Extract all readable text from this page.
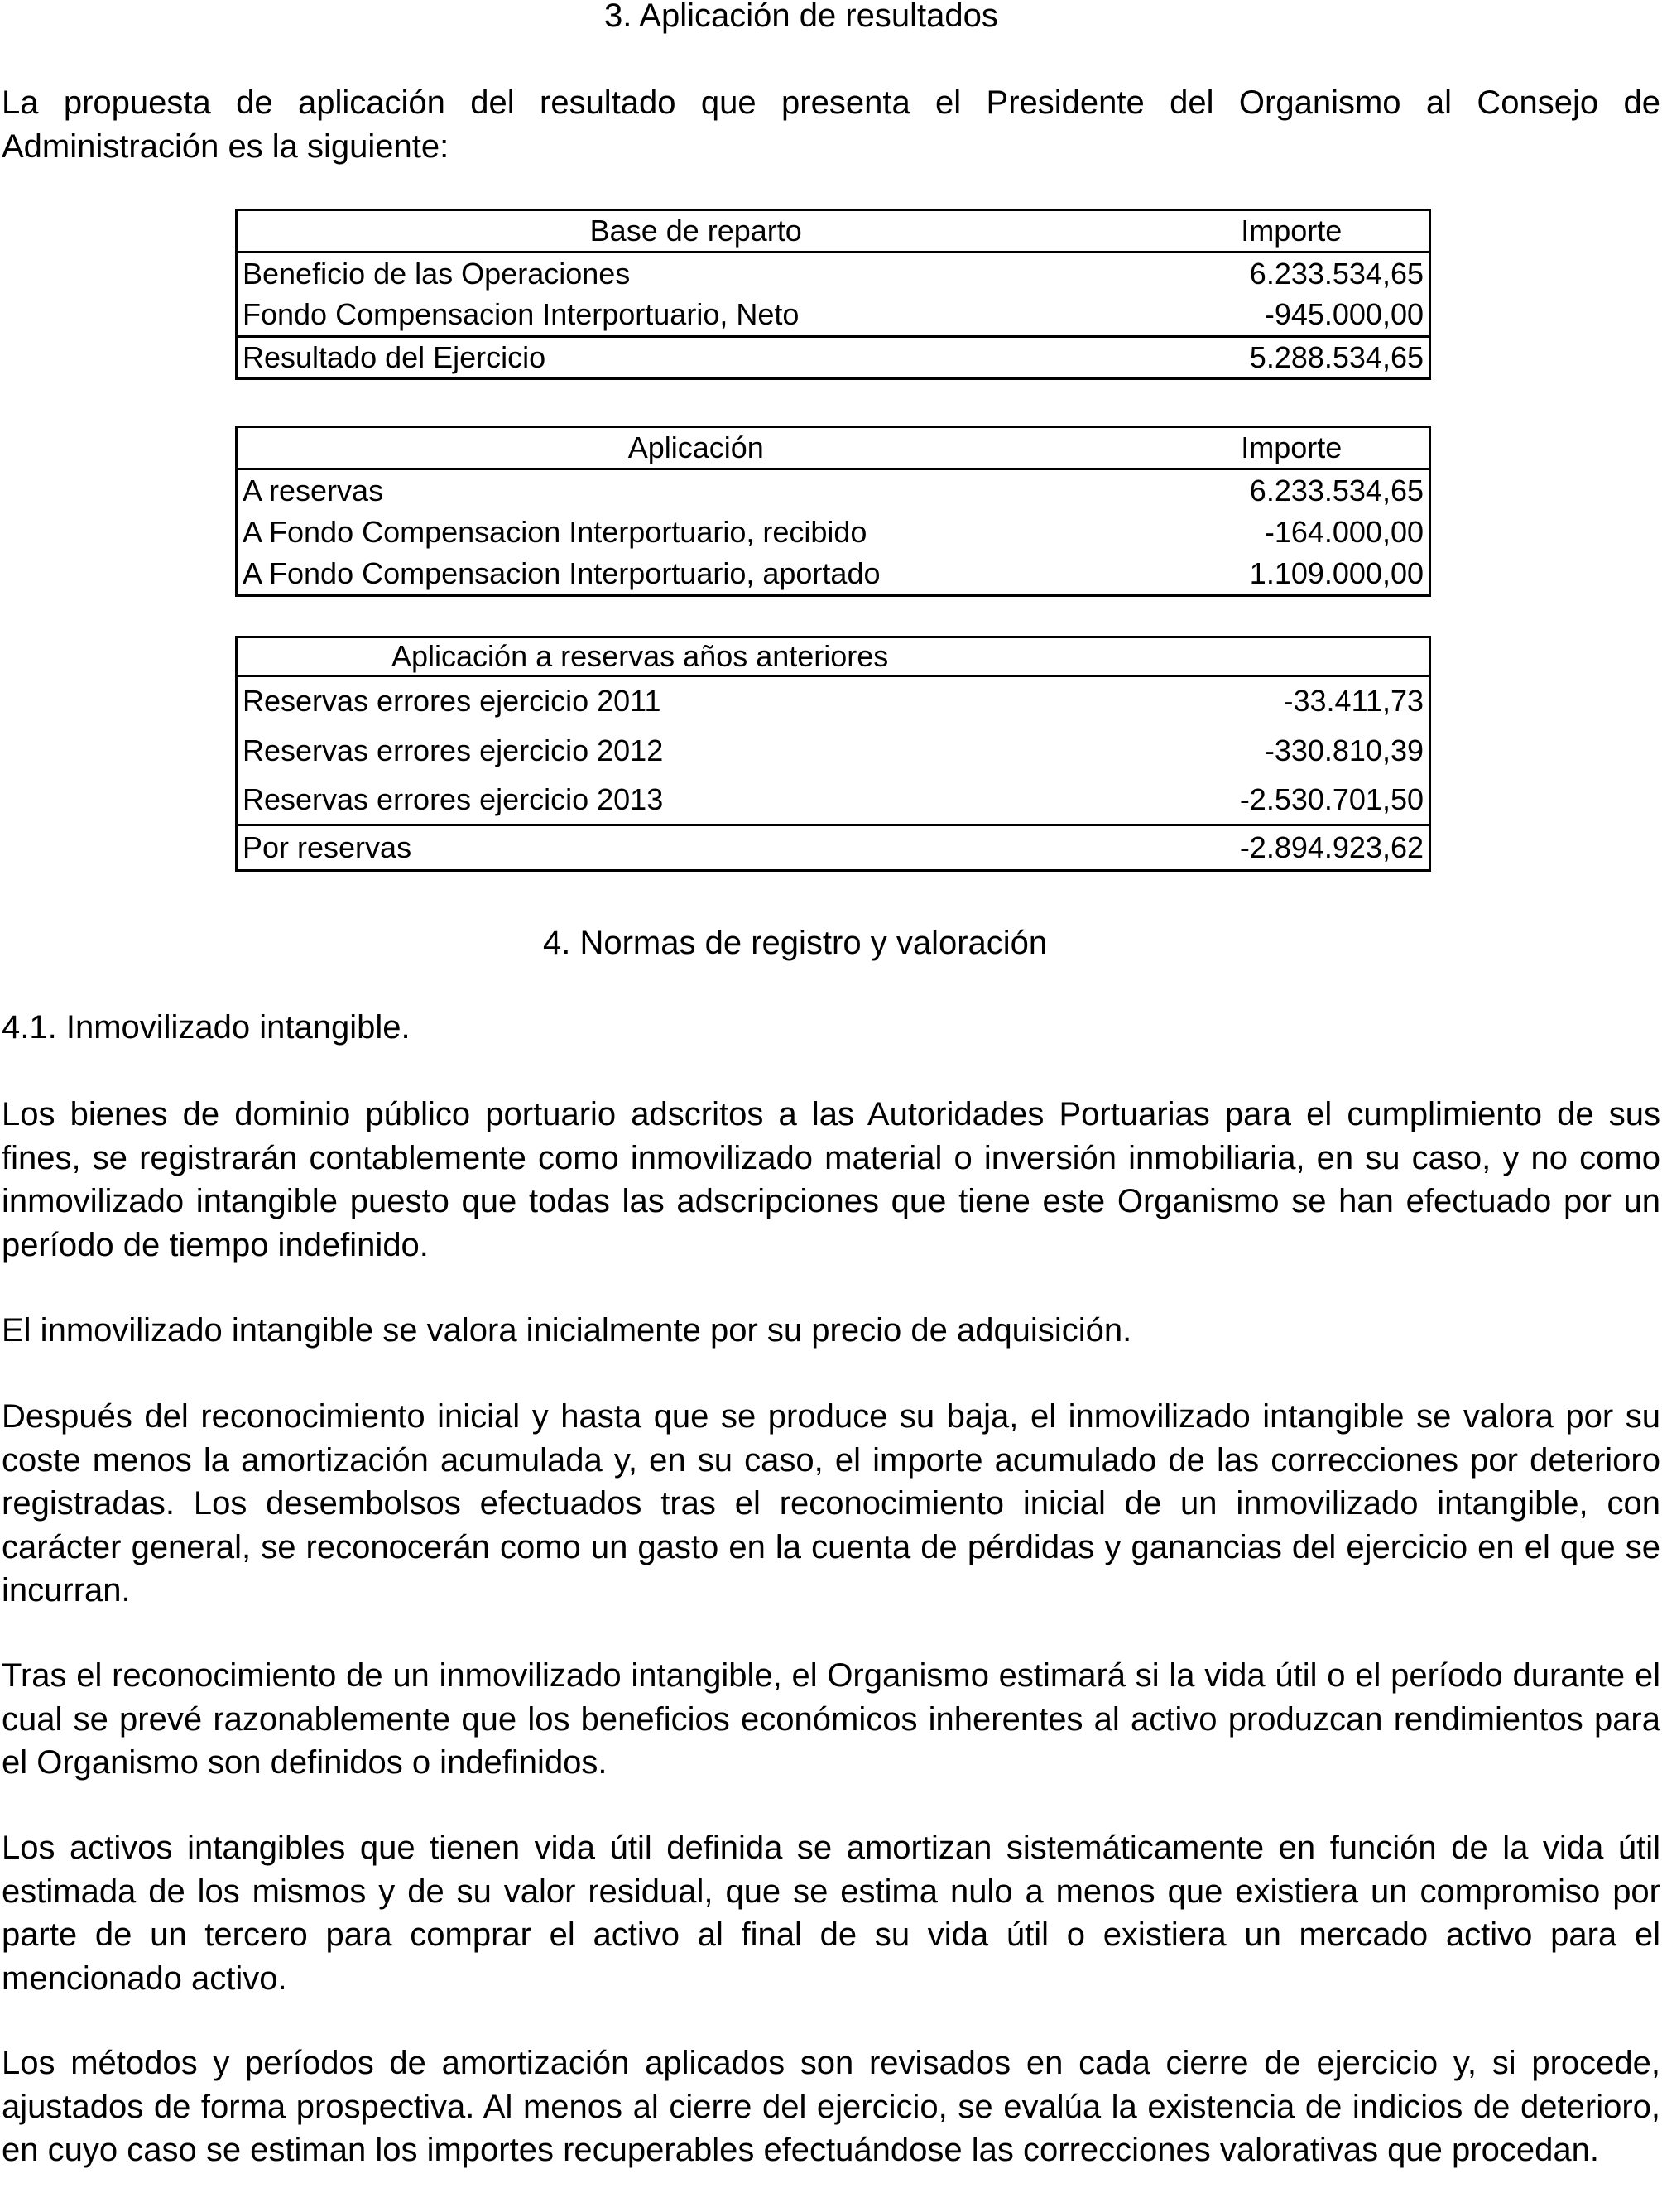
3. Aplicación de resultados

La propuesta de aplicación del resultado que presenta el Presidente del Organismo al Consejo de Administración es la siguiente:

Base de reparto	Importe
Beneficio de las Operaciones	6.233.534,65
Fondo Compensacion Interportuario, Neto	-945.000,00
Resultado del Ejercicio	5.288.534,65
Aplicación	Importe
A reservas	6.233.534,65
A Fondo Compensacion Interportuario, recibido	-164.000,00
A Fondo Compensacion Interportuario, aportado	1.109.000,00
Aplicación a reservas años anteriores	
Reservas errores ejercicio 2011	-33.411,73
Reservas errores ejercicio 2012	-330.810,39
Reservas errores ejercicio 2013	-2.530.701,50
Por reservas	-2.894.923,62
4. Normas de registro y valoración
4.1. Inmovilizado intangible.

Los bienes de dominio público portuario adscritos a las Autoridades Portuarias para el cumplimiento de sus fines, se registrarán contablemente como inmovilizado material o inversión inmobiliaria, en su caso, y no como inmovilizado intangible puesto que todas las adscripciones que tiene este Organismo se han efectuado por un período de tiempo indefinido.

El inmovilizado intangible se valora inicialmente por su precio de adquisición.

Después del reconocimiento inicial y hasta que se produce su baja, el inmovilizado intangible se valora por su coste menos la amortización acumulada y, en su caso, el importe acumulado de las correcciones por deterioro registradas. Los desembolsos efectuados tras el reconocimiento inicial de un inmovilizado intangible, con carácter general, se reconocerán como un gasto en la cuenta de pérdidas y ganancias del ejercicio en el que se incurran.

Tras el reconocimiento de un inmovilizado intangible, el Organismo estimará si la vida útil o el período durante el cual se prevé razonablemente que los beneficios económicos inherentes al activo produzcan rendimientos para el Organismo son definidos o indefinidos.

Los activos intangibles que tienen vida útil definida se amortizan sistemáticamente en función de la vida útil estimada de los mismos y de su valor residual, que se estima nulo a menos que existiera un compromiso por parte de un tercero para comprar el activo al final de su vida útil o existiera un mercado activo para el mencionado activo.

Los métodos y períodos de amortización aplicados son revisados en cada cierre de ejercicio y, si procede, ajustados de forma prospectiva. Al menos al cierre del ejercicio, se evalúa la existencia de indicios de deterioro, en cuyo caso se estiman los importes recuperables efectuándose las correcciones valorativas que procedan.
